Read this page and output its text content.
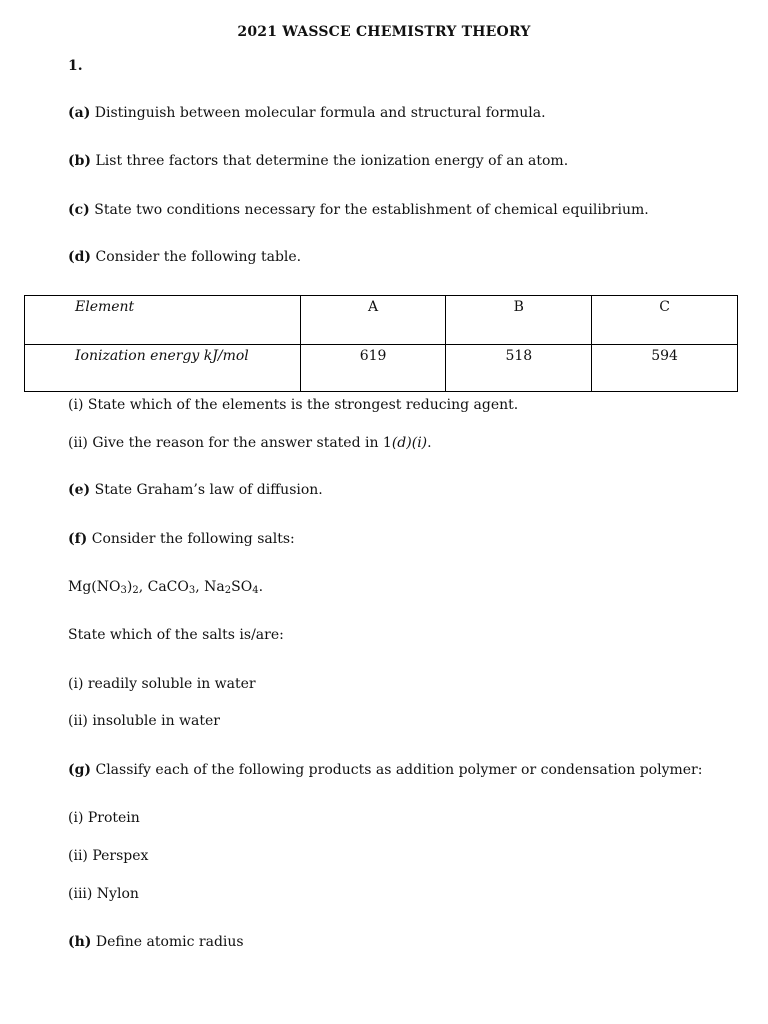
2021 WASSCE CHEMISTRY THEORY
1.
(a) Distinguish between molecular formula and structural formula.
(b) List three factors that determine the ionization energy of an atom.
(c) State two conditions necessary for the establishment of chemical equilibrium.
(d) Consider the following table.
Element	A	B	C
Ionization energy kJ/mol	619	518	594
(i) State which of the elements is the strongest reducing agent.
(ii) Give the reason for the answer stated in 1(d)(i).
(e) State Graham’s law of diffusion.
(f) Consider the following salts:
$Mg(NO_3)_2$, CaCO$_3$, $Na_2SO_4$.
State which of the salts is/are:
(i) readily soluble in water
(ii) insoluble in water
(g) Classify each of the following products as addition polymer or condensation polymer:
(i) Protein
(ii) Perspex
(iii) Nylon
(h) Define atomic radius
